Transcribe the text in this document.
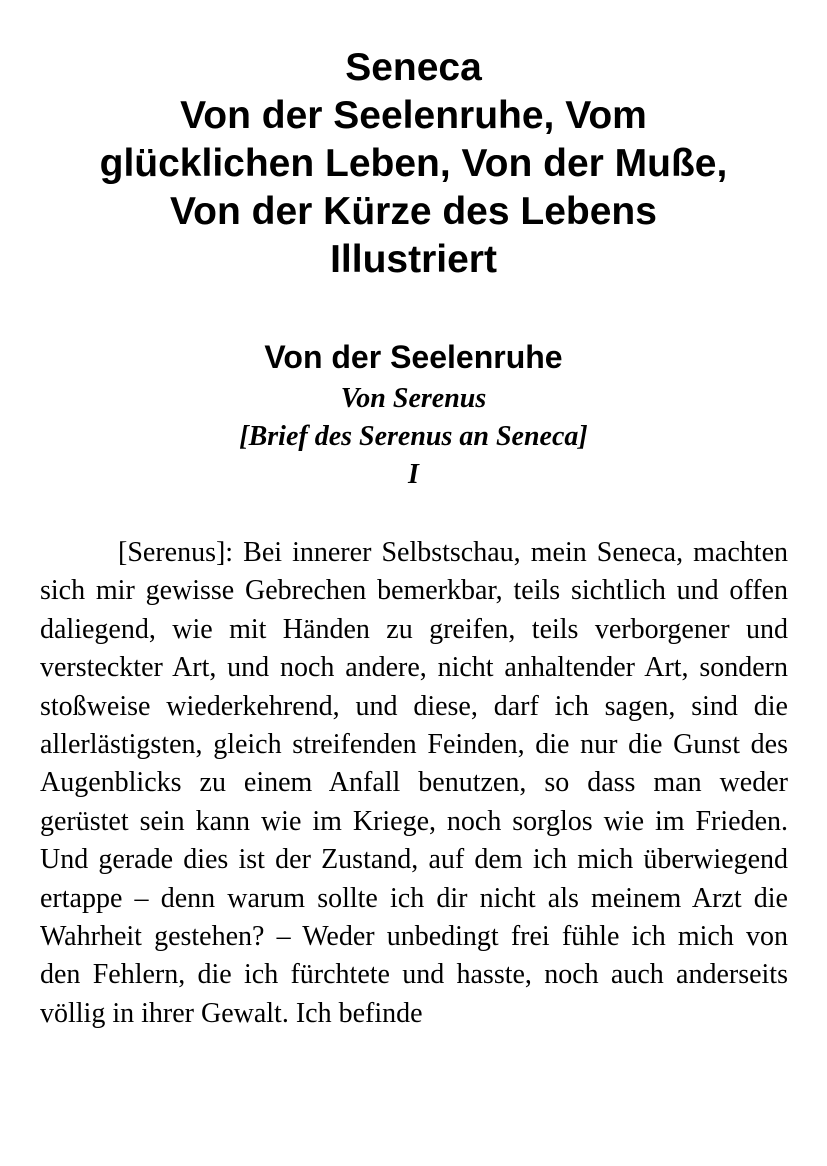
Seneca
Von der Seelenruhe, Vom
glücklichen Leben, Von der Muße,
Von der Kürze des Lebens
Illustriert
Von der Seelenruhe
Von Serenus
[Brief des Serenus an Seneca]
I

[Serenus]: Bei innerer Selbstschau, mein Seneca, machten sich mir gewisse Gebrechen bemerkbar, teils sichtlich und offen daliegend, wie mit Händen zu greifen, teils verborgener und versteckter Art, und noch andere, nicht anhaltender Art, sondern stoßweise wiederkehrend, und diese, darf ich sagen, sind die allerlästigsten, gleich streifenden Feinden, die nur die Gunst des Augenblicks zu einem Anfall benutzen, so dass man weder gerüstet sein kann wie im Kriege, noch sorglos wie im Frieden. Und gerade dies ist der Zustand, auf dem ich mich überwiegend ertappe – denn warum sollte ich dir nicht als meinem Arzt die Wahrheit gestehen? – Weder unbedingt frei fühle ich mich von den Fehlern, die ich fürchtete und hasste, noch auch anderseits völlig in ihrer Gewalt. Ich befinde
